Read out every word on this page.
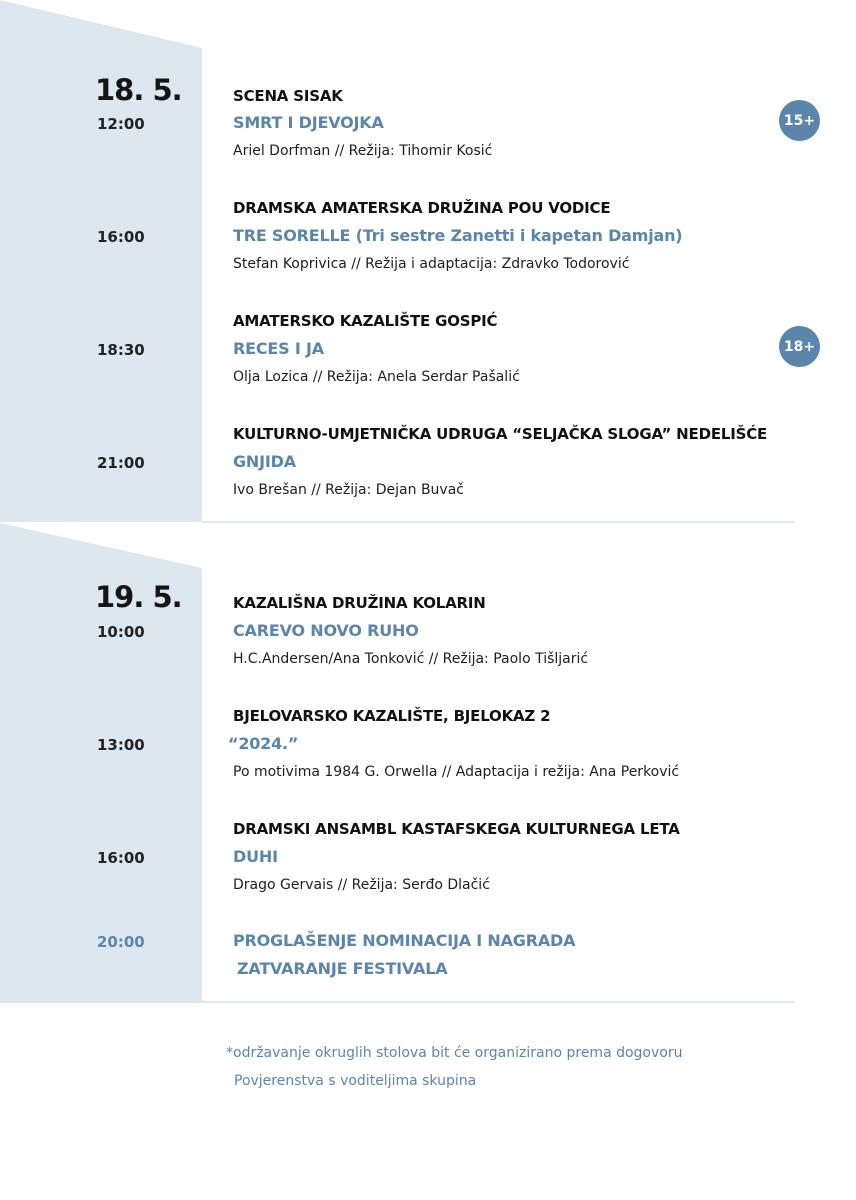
18. 5.	SCENA SISAK
12:00	SMRT I DJEVOJKA
Ariel Dorfman // Režija: Tihomir Kosić
15+
DRAMSKA AMATERSKA DRUŽINA POU VODICE
16:00	TRE SORELLE (Tri sestre Zanetti i kapetan Damjan)
Stefan Koprivica // Režija i adaptacija: Zdravko Todorović
AMATERSKO KAZALIŠTE GOSPIĆ
18:30	RECES I JA
Olja Lozica // Režija: Anela Serdar Pašalić
18+
KULTURNO-UMJETNIČKA UDRUGA “SELJAČKA SLOGA” NEDELIŠĆE
21:00	GNJIDA
Ivo Brešan // Režija: Dejan Buvač
19. 5.	KAZALIŠNA DRUŽINA KOLARIN
10:00	CAREVO NOVO RUHO
H.C.Andersen/Ana Tonković // Režija: Paolo Tišljarić
BJELOVARSKO KAZALIŠTE, BJELOKAZ 2
13:00	“2024.”
Po motivima 1984 G. Orwella // Adaptacija i režija: Ana Perković
DRAMSKI ANSAMBL KASTAFSKEGA KULTURNEGA LETA
16:00	DUHI
Drago Gervais // Režija: Serđo Dlačić
20:00	PROGLAŠENJE NOMINACIJA I NAGRADA
ZATVARANJE FESTIVALA
*održavanje okruglih stolova bit će organizirano prema dogovoru
Povjerenstva s voditeljima skupina
